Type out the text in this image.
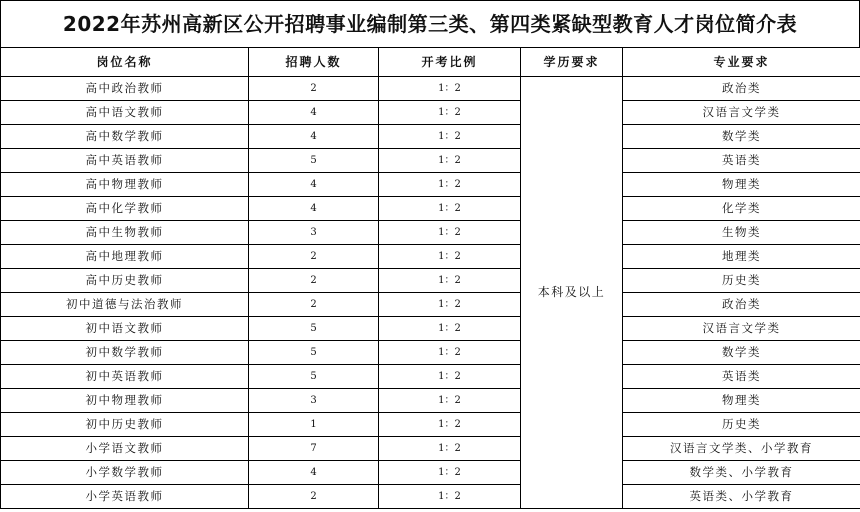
2022年苏州高新区公开招聘事业编制第三类、第四类紧缺型教育人才岗位简介表
岗位名称	招聘人数	开考比例	学历要求	专业要求
高中政治教师	2	1：2	本科及以上	政治类
高中语文教师	4	1：2		汉语言文学类
高中数学教师	4	1：2		数学类
高中英语教师	5	1：2		英语类
高中物理教师	4	1：2		物理类
高中化学教师	4	1：2		化学类
高中生物教师	3	1：2		生物类
高中地理教师	2	1：2		地理类
高中历史教师	2	1：2		历史类
初中道德与法治教师	2	1：2		政治类
初中语文教师	5	1：2		汉语言文学类
初中数学教师	5	1：2		数学类
初中英语教师	5	1：2		英语类
初中物理教师	3	1：2		物理类
初中历史教师	1	1：2		历史类
小学语文教师	7	1：2		汉语言文学类、小学教育
小学数学教师	4	1：2		数学类、小学教育
小学英语教师	2	1：2		英语类、小学教育
